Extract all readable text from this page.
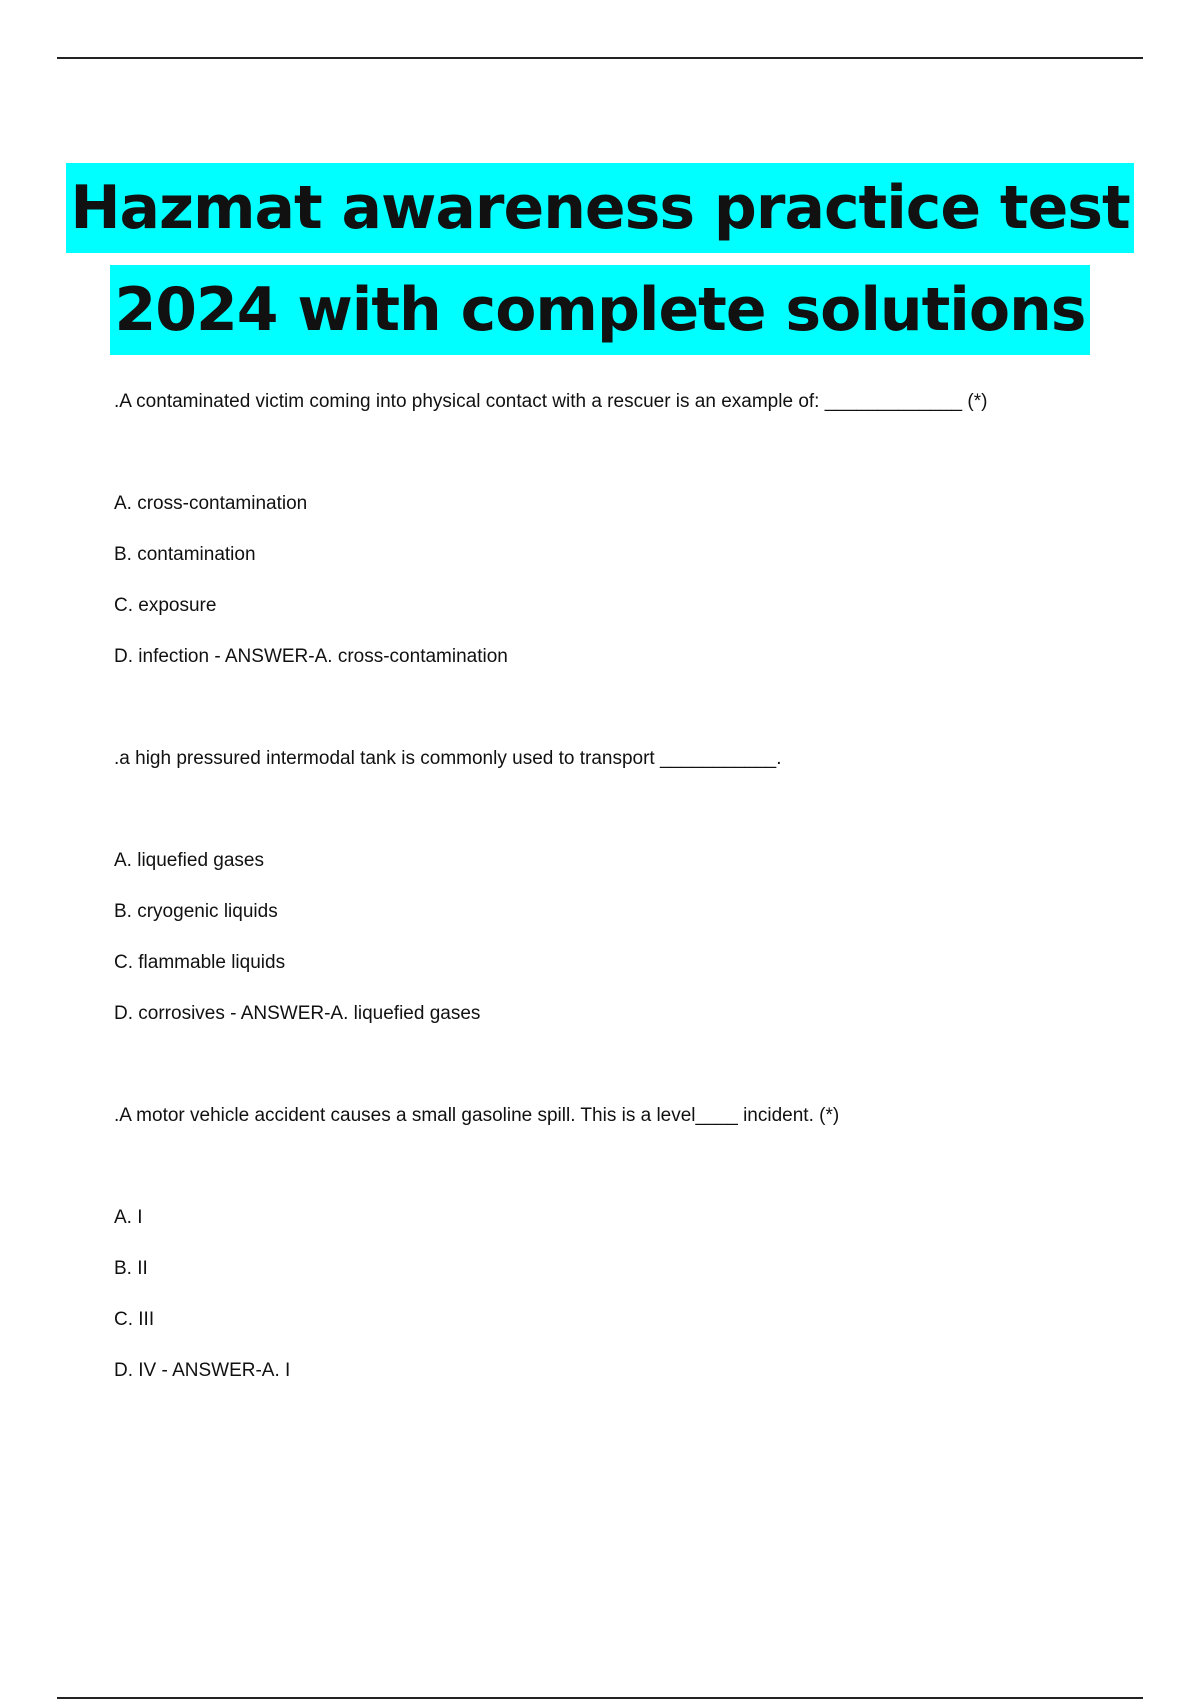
Hazmat awareness practice test
2024 with complete solutions

.A contaminated victim coming into physical contact with a rescuer is an example of: _____________ (*)

A. cross-contamination
B. contamination
C. exposure
D. infection - ANSWER-A. cross-contamination

.a high pressured intermodal tank is commonly used to transport ___________.

A. liquefied gases
B. cryogenic liquids
C. flammable liquids
D. corrosives - ANSWER-A. liquefied gases

.A motor vehicle accident causes a small gasoline spill. This is a level____ incident. (*)

A. I
B. II
C. III
D. IV - ANSWER-A. I
